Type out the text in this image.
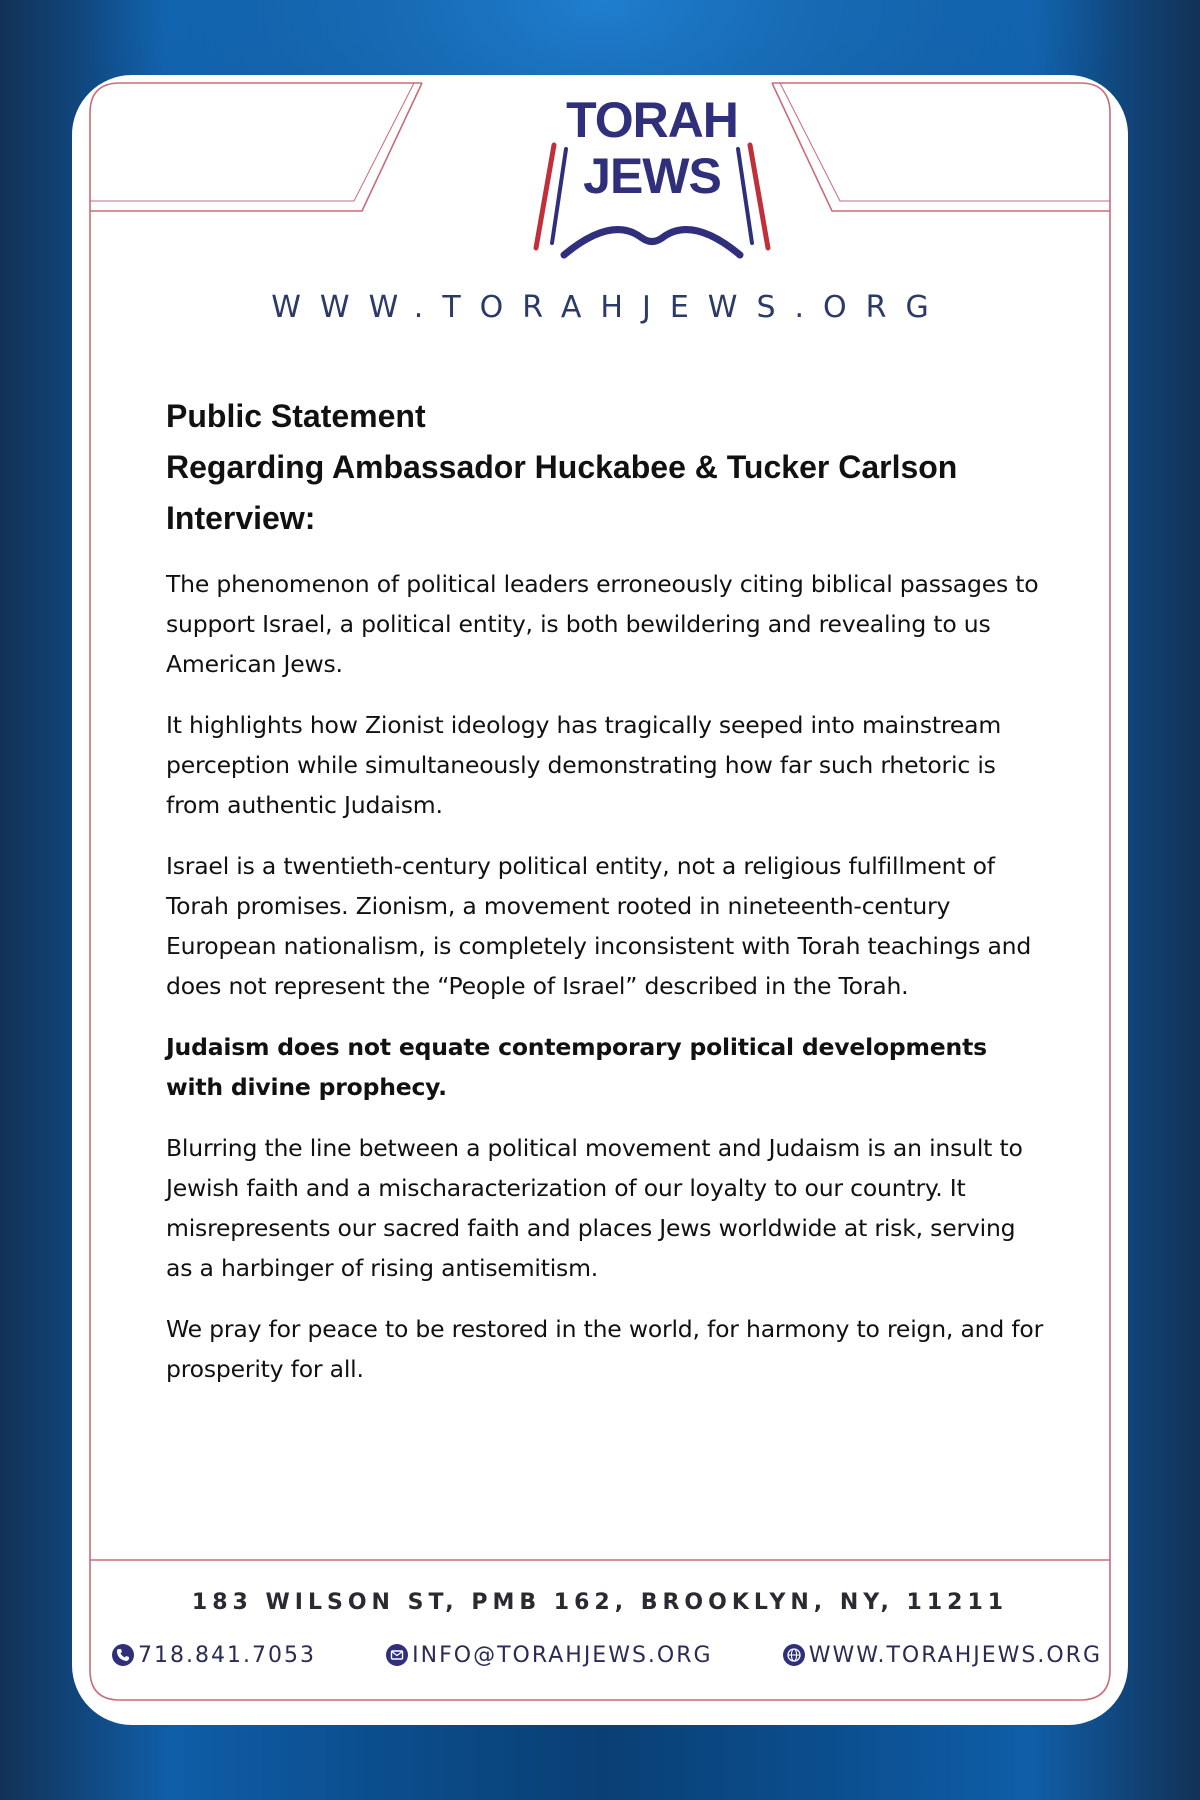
TORAH
JEWS
WWW.TORAHJEWS.ORG
Public Statement
Regarding Ambassador Huckabee & Tucker Carlson
Interview:

The phenomenon of political leaders erroneously citing biblical passages to support Israel, a political entity, is both bewildering and revealing to us American Jews.

It highlights how Zionist ideology has tragically seeped into mainstream perception while simultaneously demonstrating how far such rhetoric is from authentic Judaism.

Israel is a twentieth-century political entity, not a religious fulfillment of Torah promises. Zionism, a movement rooted in nineteenth-century European nationalism, is completely inconsistent with Torah teachings and does not represent the “People of Israel” described in the Torah.

Judaism does not equate contemporary political developments with divine prophecy.

Blurring the line between a political movement and Judaism is an insult to Jewish faith and a mischaracterization of our loyalty to our country. It misrepresents our sacred faith and places Jews worldwide at risk, serving as a harbinger of rising antisemitism.

We pray for peace to be restored in the world, for harmony to reign, and for prosperity for all.

183 WILSON ST, PMB 162, BROOKLYN, NY, 11211
718.841.7053	INFO@TORAHJEWS.ORG	WWW.TORAHJEWS.ORG
